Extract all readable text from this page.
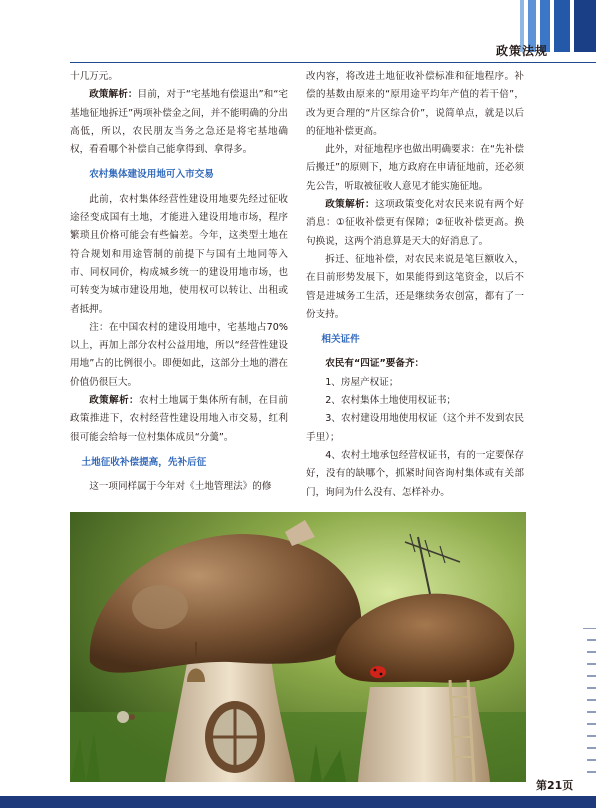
政策法规

十几万元。

政策解析：目前，对于“宅基地有偿退出”和“宅基地征地拆迁”两项补偿金之间，并不能明确的分出高低，所以，农民朋友当务之急还是将宅基地确权，看看哪个补偿自己能拿得到、拿得多。

农村集体建设用地可入市交易

此前，农村集体经营性建设用地要先经过征收途径变成国有土地，才能进入建设用地市场，程序繁琐且价格可能会有些偏差。今年，这类型土地在符合规划和用途管制的前提下与国有土地同等入市、同权同价，构成城乡统一的建设用地市场，也可转变为城市建设用地，使用权可以转让、出租或者抵押。

注：在中国农村的建设用地中，宅基地占70%以上，再加上部分农村公益用地，所以“经营性建设用地”占的比例很小。即便如此，这部分土地的潜在价值仍很巨大。

政策解析：农村土地属于集体所有制，在目前政策推进下，农村经营性建设用地入市交易，红利很可能会给每一位村集体成员“分羹”。

土地征收补偿提高，先补后征

这一项同样属于今年对《土地管理法》的修

改内容，将改进土地征收补偿标准和征地程序。补偿的基数由原来的“原用途平均年产值的若干倍”，改为更合理的“片区综合价”，说简单点，就是以后的征地补偿更高。

此外，对征地程序也做出明确要求：在“先补偿后搬迁”的原则下，地方政府在申请征地前，还必须先公告，听取被征收人意见才能实施征地。

政策解析：这项政策变化对农民来说有两个好消息：①征收补偿更有保障；②征收补偿更高。换句换说，这两个消息算是天大的好消息了。

拆迁、征地补偿，对农民来说是笔巨额收入，在目前形势发展下，如果能得到这笔资金，以后不管是进城务工生活，还是继续务农创富，都有了一份支持。

相关证件

农民有“四证”要备齐：

1、房屋产权证；

2、农村集体土地使用权证书；

3、农村建设用地使用权证（这个并不发到农民手里）；

4、农村土地承包经营权证书，有的一定要保存好，没有的缺哪个，抓紧时间咨询村集体或有关部门，询问为什么没有、怎样补办。

第21页
